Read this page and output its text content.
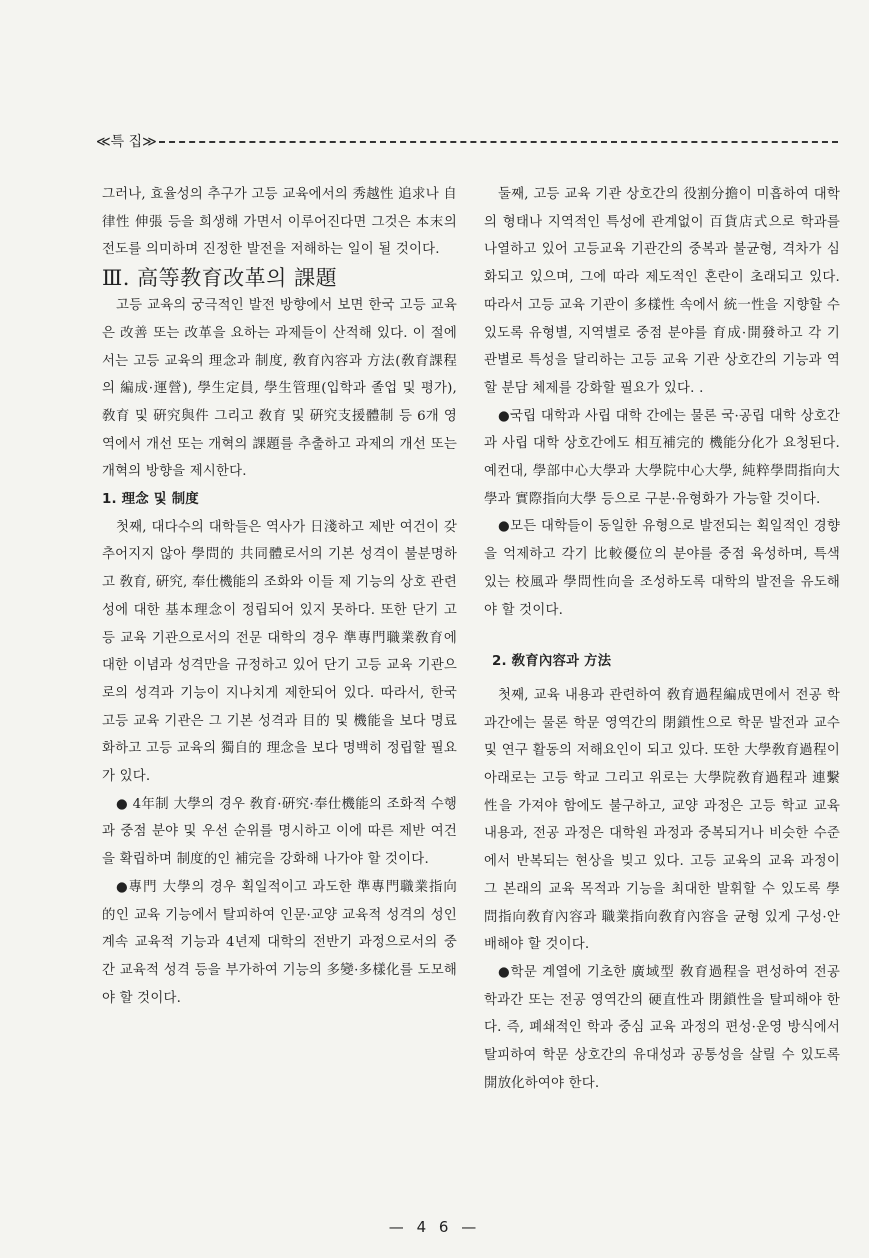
≪특 집≫

그러나, 효율성의 추구가 고등 교육에서의 秀越性 追求나 自律性 伸張 등을 희생해 가면서 이루어진다면 그것은 本末의 전도를 의미하며 진정한 발전을 저해하는 일이 될 것이다.

Ⅲ. 高等教育改革의 課題

고등 교육의 궁극적인 발전 방향에서 보면 한국 고등 교육은 改善 또는 改革을 요하는 과제들이 산적해 있다. 이 절에서는 고등 교육의 理念과 制度, 敎育內容과 方法(敎育課程의 編成·運營), 學生定員, 學生管理(입학과 졸업 및 평가), 敎育 및 硏究與件 그리고 敎育 및 硏究支援體制 등 6개 영역에서 개선 또는 개혁의 課題를 추출하고 과제의 개선 또는 개혁의 방향을 제시한다.

1. 理念 및 制度

첫째, 대다수의 대학들은 역사가 日淺하고 제반 여건이 갖추어지지 않아 學問的 共同體로서의 기본 성격이 불분명하고 敎育, 硏究, 奉仕機能의 조화와 이들 제 기능의 상호 관련성에 대한 基本理念이 정립되어 있지 못하다. 또한 단기 고등 교육 기관으로서의 전문 대학의 경우 準專門職業敎育에 대한 이념과 성격만을 규정하고 있어 단기 고등 교육 기관으로의 성격과 기능이 지나치게 제한되어 있다. 따라서, 한국 고등 교육 기관은 그 기본 성격과 目的 및 機能을 보다 명료화하고 고등 교육의 獨自的 理念을 보다 명백히 정립할 필요가 있다.

● 4年制 大學의 경우 敎育·硏究·奉仕機能의 조화적 수행과 중점 분야 및 우선 순위를 명시하고 이에 따른 제반 여건을 확립하며 制度的인 補完을 강화해 나가야 할 것이다.

●專門 大學의 경우 획일적이고 과도한 準專門職業指向的인 교육 기능에서 탈피하여 인문·교양 교육적 성격의 성인 계속 교육적 기능과 4년제 대학의 전반기 과정으로서의 중간 교육적 성격 등을 부가하여 기능의 多變·多樣化를 도모해야 할 것이다.

둘째, 고등 교육 기관 상호간의 役割分擔이 미흡하여 대학의 형태나 지역적인 특성에 관계없이 百貨店式으로 학과를 나열하고 있어 고등교육 기관간의 중복과 불균형, 격차가 심화되고 있으며, 그에 따라 제도적인 혼란이 초래되고 있다. 따라서 고등 교육 기관이 多樣性 속에서 統一性을 지향할 수 있도록 유형별, 지역별로 중점 분야를 育成·開發하고 각 기관별로 특성을 달리하는 고등 교육 기관 상호간의 기능과 역할 분담 체제를 강화할 필요가 있다. .

●국립 대학과 사립 대학 간에는 물론 국·공립 대학 상호간과 사립 대학 상호간에도 相互補完的 機能分化가 요청된다. 예컨대, 學部中心大學과 大學院中心大學, 純粹學問指向大學과 實際指向大學 등으로 구분·유형화가 가능할 것이다.

●모든 대학들이 동일한 유형으로 발전되는 획일적인 경향을 억제하고 각기 比較優位의 분야를 중점 육성하며, 특색 있는 校風과 學問性向을 조성하도록 대학의 발전을 유도해야 할 것이다.

2. 敎育內容과 方法

첫째, 교육 내용과 관련하여 敎育過程編成면에서 전공 학과간에는 물론 학문 영역간의 閉鎖性으로 학문 발전과 교수 및 연구 활동의 저해요인이 되고 있다. 또한 大學敎育過程이 아래로는 고등 학교 그리고 위로는 大學院敎育過程과 連繫性을 가져야 함에도 불구하고, 교양 과정은 고등 학교 교육 내용과, 전공 과정은 대학원 과정과 중복되거나 비슷한 수준에서 반복되는 현상을 빚고 있다. 고등 교육의 교육 과정이 그 본래의 교육 목적과 기능을 최대한 발휘할 수 있도록 學問指向敎育內容과 職業指向敎育內容을 균형 있게 구성·안배해야 할 것이다.

●학문 계열에 기초한 廣域型 敎育過程을 편성하여 전공 학과간 또는 전공 영역간의 硬直性과 閉鎖性을 탈피해야 한다. 즉, 폐쇄적인 학과 중심 교육 과정의 편성·운영 방식에서 탈피하여 학문 상호간의 유대성과 공통성을 살릴 수 있도록 開放化하여야 한다.

— 4 6 —
